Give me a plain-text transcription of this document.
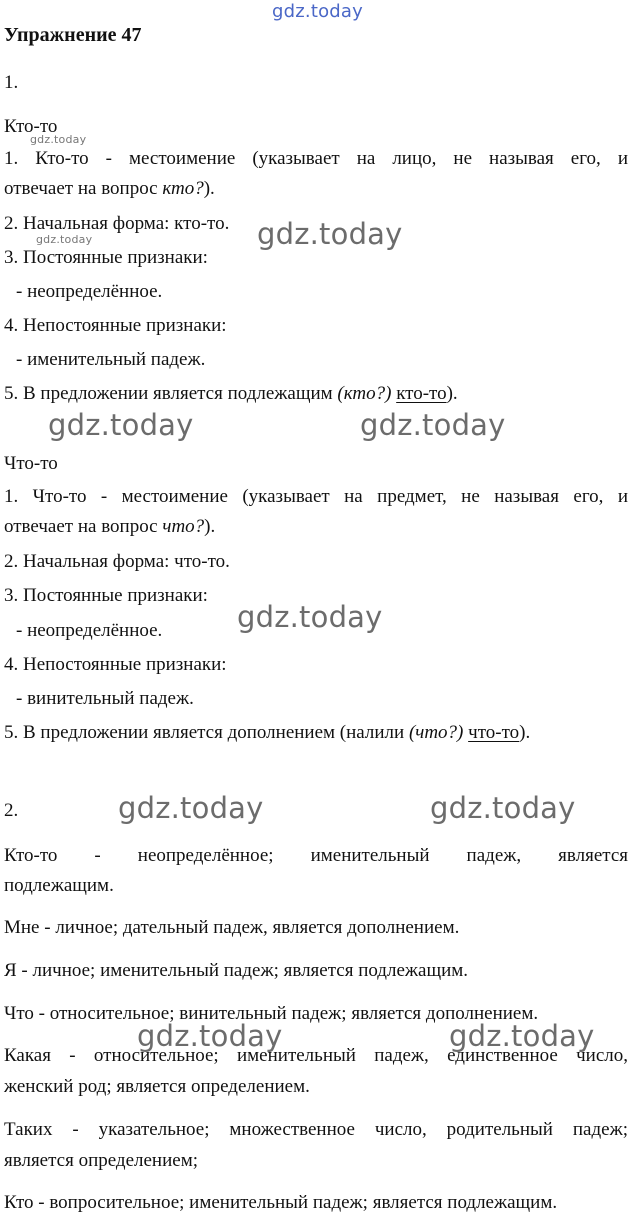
gdz.today
gdz.today
gdz.today	gdz.today
gdz.today	gdz.today
gdz.today
gdz.today	gdz.today
gdz.today	gdz.today
Упражнение 47
1.
Кто-то
1. Кто-то - местоимение (указывает на лицо, не называя его, и
отвечает на вопрос кто?).
2. Начальная форма: кто-то.
3. Постоянные признаки:
- неопределённое.
4. Непостоянные признаки:
- именительный падеж.
5. В предложении является подлежащим (кто?) кто-то).
Что-то
1. Что-то - местоимение (указывает на предмет, не называя его, и
отвечает на вопрос что?).
2. Начальная форма: что-то.
3. Постоянные признаки:
- неопределённое.
4. Непостоянные признаки:
- винительный падеж.
5. В предложении является дополнением (налили (что?) что-то).
2.
Кто-то - неопределённое; именительный падеж, является
подлежащим.
Мне - личное; дательный падеж, является дополнением.
Я - личное; именительный падеж; является подлежащим.
Что - относительное; винительный падеж; является дополнением.
Какая - относительное; именительный падеж, единственное число,
женский род; является определением.
Таких - указательное; множественное число, родительный падеж;
является определением;
Кто - вопросительное; именительный падеж; является подлежащим.
